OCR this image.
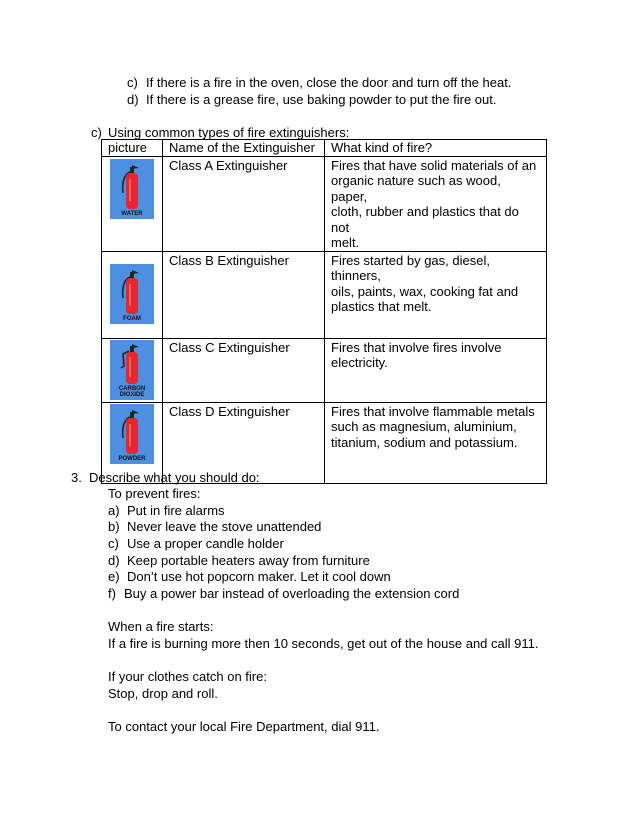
c) If there is a fire in the oven, close the door and turn off the heat.
d) If there is a grease fire, use baking powder to put the fire out.
c) Using common types of fire extinguishers:
picture	Name of the Extinguisher	What kind of fire?

WATER	Class A Extinguisher	Fires that have solid materials of an
organic nature such as wood, paper,
cloth, rubber and plastics that do not
melt.

FOAM	Class B Extinguisher	Fires started by gas, diesel, thinners,
oils, paints, wax, cooking fat and
plastics that melt.

CARBON DIOXIDE	Class C Extinguisher	Fires that involve fires involve
electricity.

POWDER	Class D Extinguisher	Fires that involve flammable metals
such as magnesium, aluminium,
titanium, sodium and potassium.
3. Describe what you should do:
To prevent fires:
a) Put in fire alarms
b) Never leave the stove unattended
c) Use a proper candle holder
d) Keep portable heaters away from furniture
e) Don’t use hot popcorn maker. Let it cool down
f) Buy a power bar instead of overloading the extension cord
When a fire starts:
If a fire is burning more then 10 seconds, get out of the house and call 911.
If your clothes catch on fire:
Stop, drop and roll.
To contact your local Fire Department, dial 911.
